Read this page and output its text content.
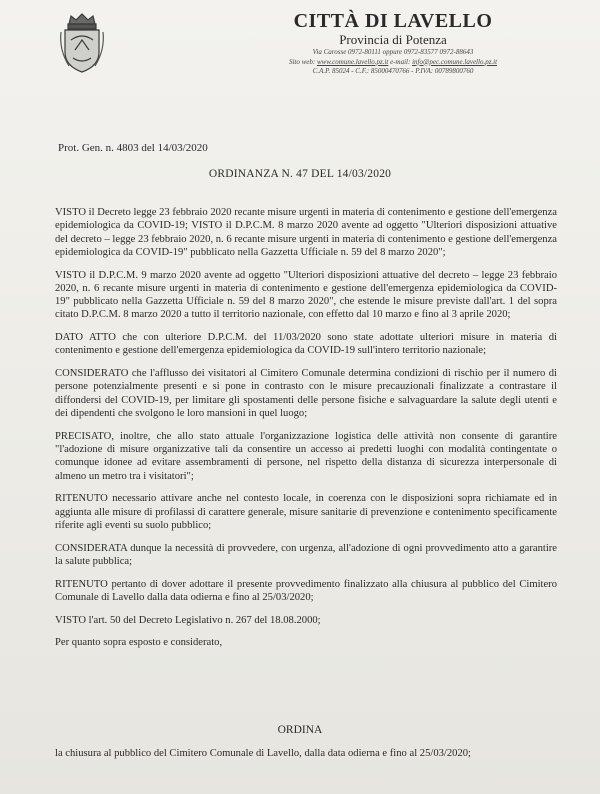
CITTÀ DI LAVELLO
Provincia di Potenza
Via Carosse 0972-80111 oppure 0972-83577 0972-88643
Sito web: www.comune.lavello.pz.it e-mail: info@pec.comune.lavello.pz.it
C.A.P. 85024 - C.F.: 85000470766 - P.IVA: 00789800760
Prot. Gen. n. 4803 del 14/03/2020
ORDINANZA N. 47 DEL 14/03/2020

VISTO il Decreto legge 23 febbraio 2020 recante misure urgenti in materia di contenimento e gestione dell'emergenza epidemiologica da COVID-19; VISTO il D.P.C.M. 8 marzo 2020 avente ad oggetto "Ulteriori disposizioni attuative del decreto – legge 23 febbraio 2020, n. 6 recante misure urgenti in materia di contenimento e gestione dell'emergenza epidemiologica da COVID-19" pubblicato nella Gazzetta Ufficiale n. 59 del 8 marzo 2020";

VISTO il D.P.C.M. 9 marzo 2020 avente ad oggetto "Ulteriori disposizioni attuative del decreto – legge 23 febbraio 2020, n. 6 recante misure urgenti in materia di contenimento e gestione dell'emergenza epidemiologica da COVID-19" pubblicato nella Gazzetta Ufficiale n. 59 del 8 marzo 2020", che estende le misure previste dall'art. 1 del sopra citato D.P.C.M. 8 marzo 2020 a tutto il territorio nazionale, con effetto dal 10 marzo e fino al 3 aprile 2020;

DATO ATTO che con ulteriore D.P.C.M. del 11/03/2020 sono state adottate ulteriori misure in materia di contenimento e gestione dell'emergenza epidemiologica da COVID-19 sull'intero territorio nazionale;

CONSIDERATO che l'afflusso dei visitatori al Cimitero Comunale determina condizioni di rischio per il numero di persone potenzialmente presenti e si pone in contrasto con le misure precauzionali finalizzate a contrastare il diffondersi del COVID-19, per limitare gli spostamenti delle persone fisiche e salvaguardare la salute degli utenti e dei dipendenti che svolgono le loro mansioni in quel luogo;

PRECISATO, inoltre, che allo stato attuale l'organizzazione logistica delle attività non consente di garantire "l'adozione di misure organizzative tali da consentire un accesso ai predetti luoghi con modalità contingentate o comunque idonee ad evitare assembramenti di persone, nel rispetto della distanza di sicurezza interpersonale di almeno un metro tra i visitatori";

RITENUTO necessario attivare anche nel contesto locale, in coerenza con le disposizioni sopra richiamate ed in aggiunta alle misure di profilassi di carattere generale, misure sanitarie di prevenzione e contenimento specificamente riferite agli eventi su suolo pubblico;

CONSIDERATA dunque la necessità di provvedere, con urgenza, all'adozione di ogni provvedimento atto a garantire la salute pubblica;

RITENUTO pertanto di dover adottare il presente provvedimento finalizzato alla chiusura al pubblico del Cimitero Comunale di Lavello dalla data odierna e fino al 25/03/2020;

VISTO l'art. 50 del Decreto Legislativo n. 267 del 18.08.2000;

Per quanto sopra esposto e considerato,

ORDINA
la chiusura al pubblico del Cimitero Comunale di Lavello, dalla data odierna e fino al 25/03/2020;
